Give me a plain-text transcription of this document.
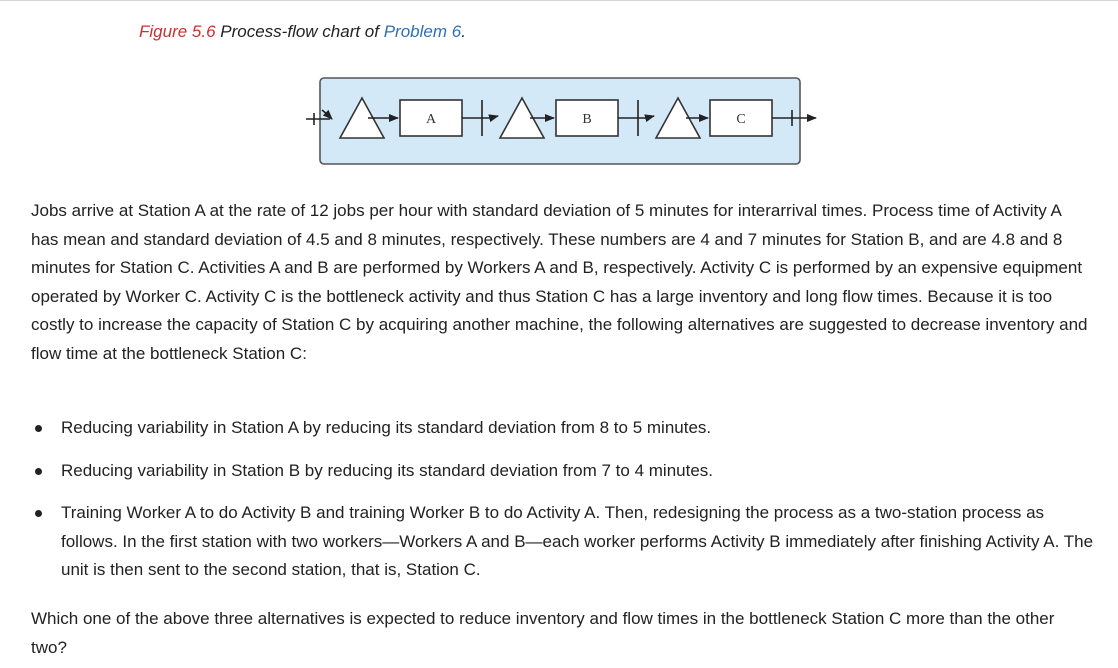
Figure 5.6 Process-flow chart of Problem 6.
A	B	C

Jobs arrive at Station A at the rate of 12 jobs per hour with standard deviation of 5 minutes for interarrival times. Process time of Activity A has mean and standard deviation of 4.5 and 8 minutes, respectively. These numbers are 4 and 7 minutes for Station B, and are 4.8 and 8 minutes for Station C. Activities A and B are performed by Workers A and B, respectively. Activity C is performed by an expensive equipment operated by Worker C. Activity C is the bottleneck activity and thus Station C has a large inventory and long flow times. Because it is too costly to increase the capacity of Station C by acquiring another machine, the following alternatives are suggested to decrease inventory and flow time at the bottleneck Station C:

Reducing variability in Station A by reducing its standard deviation from 8 to 5 minutes.
Reducing variability in Station B by reducing its standard deviation from 7 to 4 minutes.
Training Worker A to do Activity B and training Worker B to do Activity A. Then, redesigning the process as a two-station process as follows. In the first station with two workers—Workers A and B—each worker performs Activity B immediately after finishing Activity A. The unit is then sent to the second station, that is, Station C.

Which one of the above three alternatives is expected to reduce inventory and flow times in the bottleneck Station C more than the other two?
